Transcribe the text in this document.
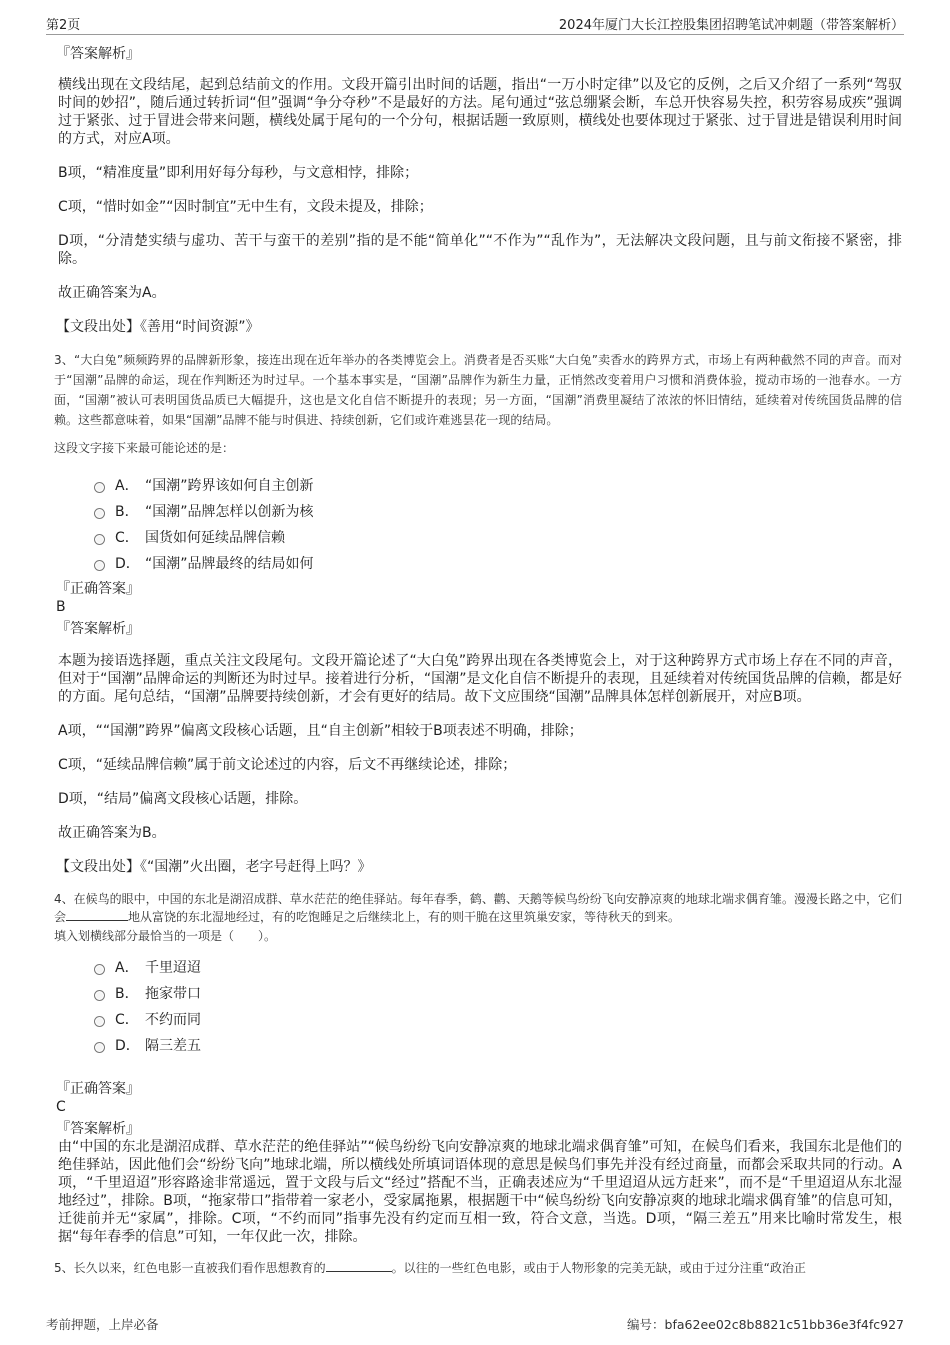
第2页	2024年厦门大长江控股集团招聘笔试冲刺题（带答案解析）
『答案解析』

横线出现在文段结尾，起到总结前文的作用。文段开篇引出时间的话题，指出“一万小时定律”以及它的反例，之后又介绍了一系列“驾驭时间的妙招”，随后通过转折词“但”强调“争分夺秒”不是最好的方法。尾句通过“弦总绷紧会断，车总开快容易失控，积劳容易成疾”强调过于紧张、过于冒进会带来问题，横线处属于尾句的一个分句，根据话题一致原则，横线处也要体现过于紧张、过于冒进是错误利用时间的方式，对应A项。

B项，“精准度量”即利用好每分每秒，与文意相悖，排除；

C项，“惜时如金”“因时制宜”无中生有，文段未提及，排除；

D项，“分清楚实绩与虚功、苦干与蛮干的差别”指的是不能“简单化”“不作为”“乱作为”，无法解决文段问题，且与前文衔接不紧密，排除。

故正确答案为A。

【文段出处】《善用“时间资源”》

3、“大白兔”频频跨界的品牌新形象，接连出现在近年举办的各类博览会上。消费者是否买账“大白兔”卖香水的跨界方式，市场上有两种截然不同的声音。而对于“国潮”品牌的命运，现在作判断还为时过早。一个基本事实是，“国潮”品牌作为新生力量，正悄然改变着用户习惯和消费体验，搅动市场的一池春水。一方面，“国潮”被认可表明国货品质已大幅提升，这也是文化自信不断提升的表现；另一方面，“国潮”消费里凝结了浓浓的怀旧情结，延续着对传统国货品牌的信赖。这些都意味着，如果“国潮”品牌不能与时俱进、持续创新，它们或许难逃昙花一现的结局。

这段文字接下来最可能论述的是：

A． “国潮”跨界该如何自主创新
B． “国潮”品牌怎样以创新为核
C． 国货如何延续品牌信赖
D． “国潮”品牌最终的结局如何
『正确答案』
B
『答案解析』

本题为接语选择题，重点关注文段尾句。文段开篇论述了“大白兔”跨界出现在各类博览会上，对于这种跨界方式市场上存在不同的声音，但对于“国潮”品牌命运的判断还为时过早。接着进行分析，“国潮”是文化自信不断提升的表现，且延续着对传统国货品牌的信赖，都是好的方面。尾句总结，“国潮”品牌要持续创新，才会有更好的结局。故下文应围绕“国潮”品牌具体怎样创新展开，对应B项。

A项，““国潮”跨界”偏离文段核心话题，且“自主创新”相较于B项表述不明确，排除；

C项，“延续品牌信赖”属于前文论述过的内容，后文不再继续论述，排除；

D项，“结局”偏离文段核心话题，排除。

故正确答案为B。

【文段出处】《“国潮”火出圈，老字号赶得上吗？》

4、在候鸟的眼中，中国的东北是湖沼成群、草水茫茫的绝佳驿站。每年春季，鹤、鹳、天鹅等候鸟纷纷飞向安静凉爽的地球北端求偶育雏。漫漫长路之中，它们会	地从富饶的东北湿地经过，有的吃饱睡足之后继续北上，有的则干脆在这里筑巢安家，等待秋天的到来。

填入划横线部分最恰当的一项是（　　）。

A． 千里迢迢
B． 拖家带口
C． 不约而同
D． 隔三差五
『正确答案』
C
『答案解析』

由“中国的东北是湖沼成群、草水茫茫的绝佳驿站”“候鸟纷纷飞向安静凉爽的地球北端求偶育雏”可知，在候鸟们看来，我国东北是他们的绝佳驿站，因此他们会“纷纷飞向”地球北端，所以横线处所填词语体现的意思是候鸟们事先并没有经过商量，而都会采取共同的行动。A项，“千里迢迢”形容路途非常遥远，置于文段与后文“经过”搭配不当，正确表述应为“千里迢迢从远方赶来”，而不是“千里迢迢从东北湿地经过”，排除。B项，“拖家带口”指带着一家老小，受家属拖累，根据题干中“候鸟纷纷飞向安静凉爽的地球北端求偶育雏”的信息可知，迁徙前并无“家属”，排除。C项，“不约而同”指事先没有约定而互相一致，符合文意，当选。D项，“隔三差五”用来比喻时常发生，根据“每年春季的信息”可知，一年仅此一次，排除。

5、长久以来，红色电影一直被我们看作思想教育的	。以往的一些红色电影，或由于人物形象的完美无缺，或由于过分注重“政治正

考前押题，上岸必备	编号：bfa62ee02c8b8821c51bb36e3f4fc927
